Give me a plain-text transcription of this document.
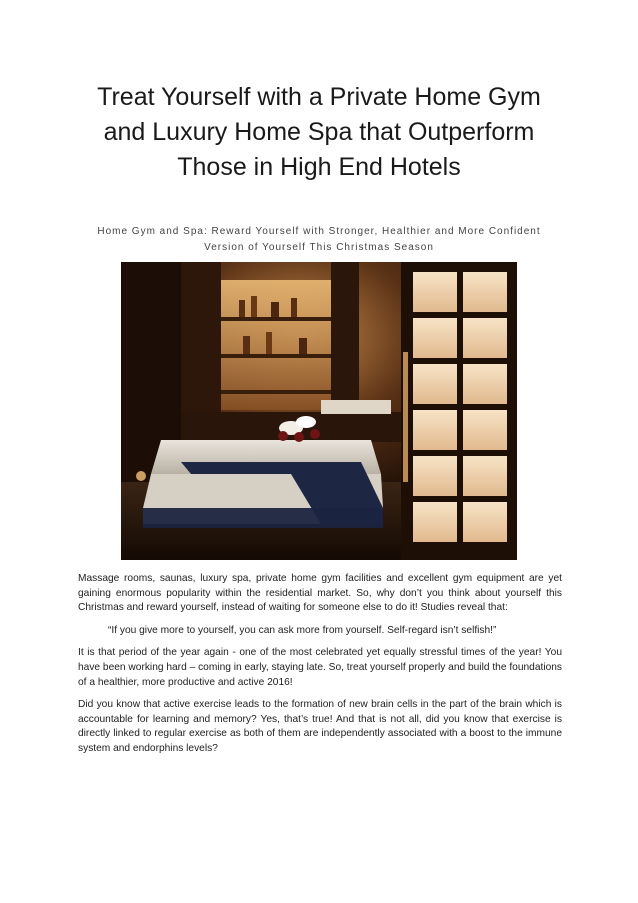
Treat Yourself with a Private Home Gym
and Luxury Home Spa that Outperform
Those in High End Hotels
Home Gym and Spa: Reward Yourself with Stronger, Healthier and More Confident
Version of Yourself This Christmas Season

Massage rooms, saunas, luxury spa, private home gym facilities and excellent gym equipment are yet gaining enormous popularity within the residential market. So, why don’t you think about yourself this Christmas and reward yourself, instead of waiting for someone else to do it! Studies reveal that:

“If you give more to yourself, you can ask more from yourself. Self-regard isn’t selfish!”

It is that period of the year again - one of the most celebrated yet equally stressful times of the year! You have been working hard – coming in early, staying late. So, treat yourself properly and build the foundations of a healthier, more productive and active 2016!

Did you know that active exercise leads to the formation of new brain cells in the part of the brain which is accountable for learning and memory? Yes, that’s true! And that is not all, did you know that exercise is directly linked to regular exercise as both of them are independently associated with a boost to the immune system and endorphins levels?
